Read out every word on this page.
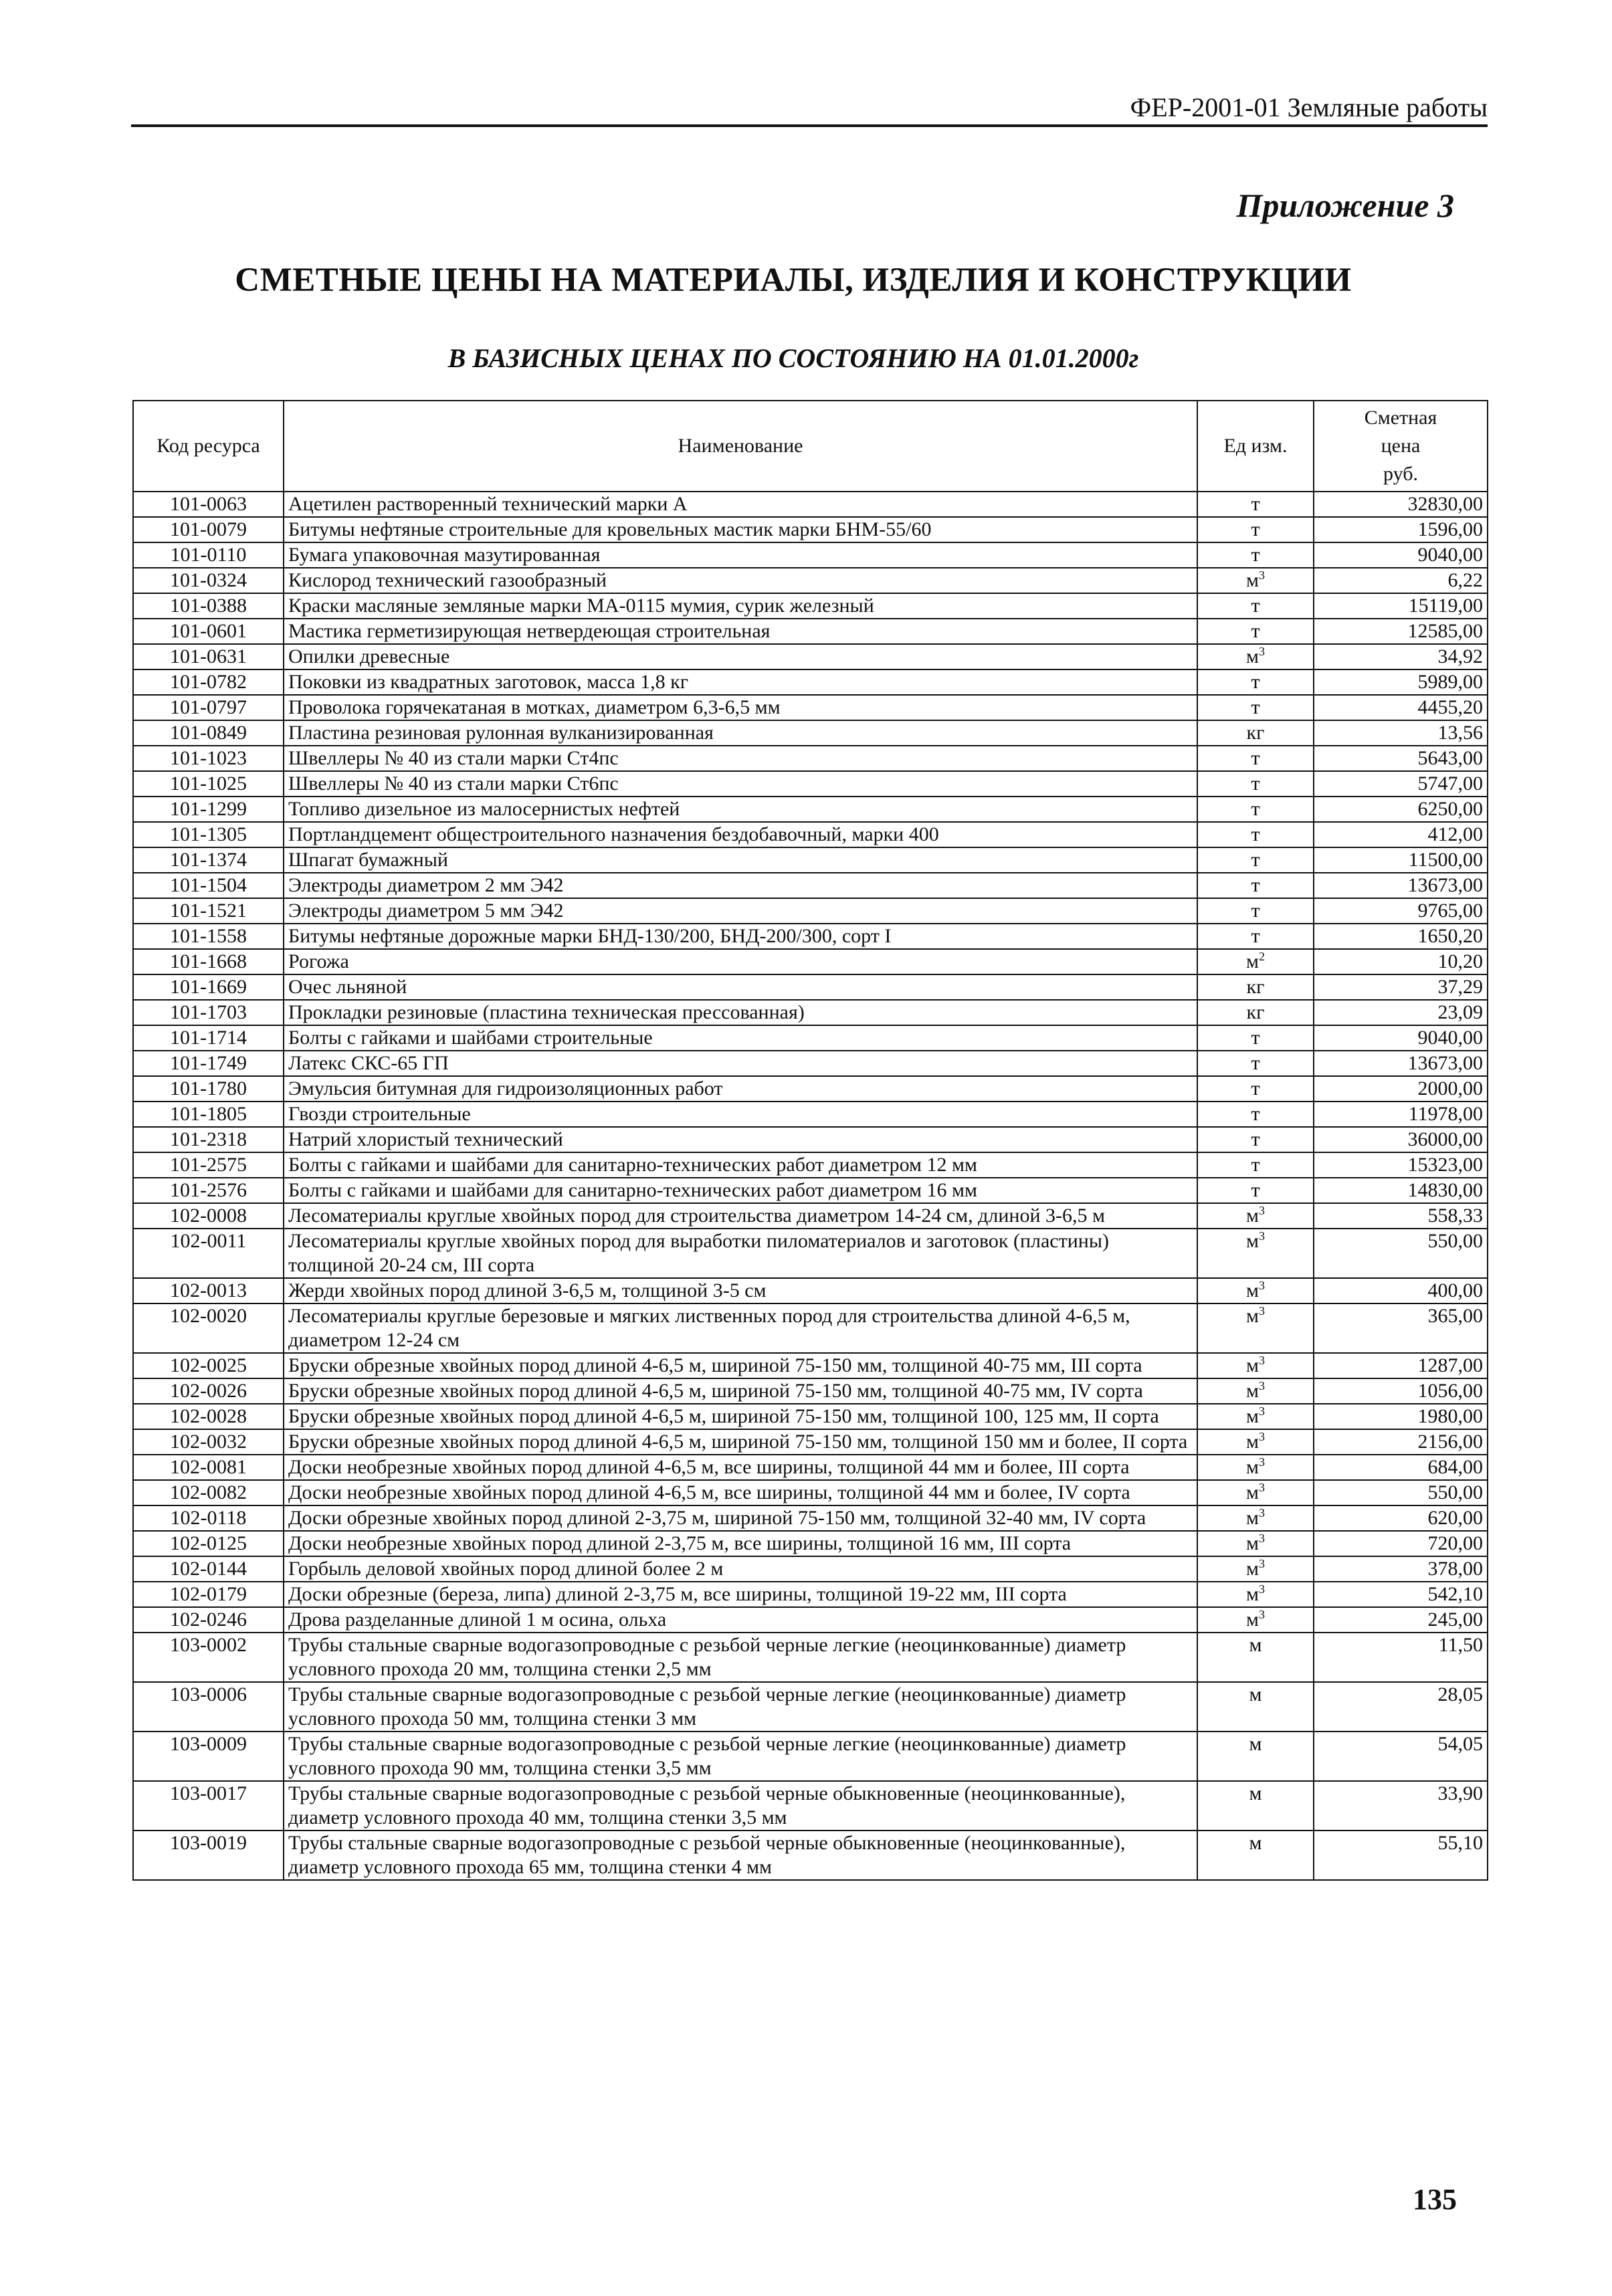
ФЕР-2001-01 Земляные работы
Приложение 3
СМЕТНЫЕ ЦЕНЫ НА МАТЕРИАЛЫ, ИЗДЕЛИЯ И КОНСТРУКЦИИ
В БАЗИСНЫХ ЦЕНАХ ПО СОСТОЯНИЮ НА 01.01.2000г
Код ресурса	Наименование	Ед изм.	Сметная
цена
руб.

101-0063	Ацетилен растворенный технический марки А	т	32830,00
101-0079	Битумы нефтяные строительные для кровельных мастик марки БНМ-55/60	т	1596,00
101-0110	Бумага упаковочная мазутированная	т	9040,00
101-0324	Кислород технический газообразный	$м^3$	6,22
101-0388	Краски масляные земляные марки МА-0115 мумия, сурик железный	т	15119,00
101-0601	Мастика герметизирующая нетвердеющая строительная	т	12585,00
101-0631	Опилки древесные	$м^3$	34,92
101-0782	Поковки из квадратных заготовок, масса 1,8 кг	т	5989,00
101-0797	Проволока горячекатаная в мотках, диаметром 6,3-6,5 мм	т	4455,20
101-0849	Пластина резиновая рулонная вулканизированная	кг	13,56
101-1023	Швеллеры № 40 из стали марки Ст4пс	т	5643,00
101-1025	Швеллеры № 40 из стали марки Ст6пс	т	5747,00
101-1299	Топливо дизельное из малосернистых нефтей	т	6250,00
101-1305	Портландцемент общестроительного назначения бездобавочный, марки 400	т	412,00
101-1374	Шпагат бумажный	т	11500,00
101-1504	Электроды диаметром 2 мм Э42	т	13673,00
101-1521	Электроды диаметром 5 мм Э42	т	9765,00
101-1558	Битумы нефтяные дорожные марки БНД-130/200, БНД-200/300, сорт I	т	1650,20
101-1668	Рогожа	$м^2$	10,20
101-1669	Очес льняной	кг	37,29
101-1703	Прокладки резиновые (пластина техническая прессованная)	кг	23,09
101-1714	Болты с гайками и шайбами строительные	т	9040,00
101-1749	Латекс СКС-65 ГП	т	13673,00
101-1780	Эмульсия битумная для гидроизоляционных работ	т	2000,00
101-1805	Гвозди строительные	т	11978,00
101-2318	Натрий хлористый технический	т	36000,00
101-2575	Болты с гайками и шайбами для санитарно-технических работ диаметром 12 мм	т	15323,00
101-2576	Болты с гайками и шайбами для санитарно-технических работ диаметром 16 мм	т	14830,00
102-0008	Лесоматериалы круглые хвойных пород для строительства диаметром 14-24 см, длиной 3-6,5 м	$м^3$	558,33
102-0011	Лесоматериалы круглые хвойных пород для выработки пиломатериалов и заготовок (пластины) толщиной 20-24 см, III сорта	$м^3$	550,00
102-0013	Жерди хвойных пород длиной 3-6,5 м, толщиной 3-5 см	$м^3$	400,00
102-0020	Лесоматериалы круглые березовые и мягких лиственных пород для строительства длиной 4-6,5 м, диаметром 12-24 см	$м^3$	365,00
102-0025	Бруски обрезные хвойных пород длиной 4-6,5 м, шириной 75-150 мм, толщиной 40-75 мм, III сорта	$м^3$	1287,00
102-0026	Бруски обрезные хвойных пород длиной 4-6,5 м, шириной 75-150 мм, толщиной 40-75 мм, IV сорта	$м^3$	1056,00
102-0028	Бруски обрезные хвойных пород длиной 4-6,5 м, шириной 75-150 мм, толщиной 100, 125 мм, II сорта	$м^3$	1980,00
102-0032	Бруски обрезные хвойных пород длиной 4-6,5 м, шириной 75-150 мм, толщиной 150 мм и более, II сорта	$м^3$	2156,00
102-0081	Доски необрезные хвойных пород длиной 4-6,5 м, все ширины, толщиной 44 мм и более, III сорта	$м^3$	684,00
102-0082	Доски необрезные хвойных пород длиной 4-6,5 м, все ширины, толщиной 44 мм и более, IV сорта	$м^3$	550,00
102-0118	Доски обрезные хвойных пород длиной 2-3,75 м, шириной 75-150 мм, толщиной 32-40 мм, IV сорта	$м^3$	620,00
102-0125	Доски необрезные хвойных пород длиной 2-3,75 м, все ширины, толщиной 16 мм, III сорта	$м^3$	720,00
102-0144	Горбыль деловой хвойных пород длиной более 2 м	$м^3$	378,00
102-0179	Доски обрезные (береза, липа) длиной 2-3,75 м, все ширины, толщиной 19-22 мм, III сорта	$м^3$	542,10
102-0246	Дрова разделанные длиной 1 м осина, ольха	$м^3$	245,00
103-0002	Трубы стальные сварные водогазопроводные с резьбой черные легкие (неоцинкованные) диаметр условного прохода 20 мм, толщина стенки 2,5 мм	м	11,50
103-0006	Трубы стальные сварные водогазопроводные с резьбой черные легкие (неоцинкованные) диаметр условного прохода 50 мм, толщина стенки 3 мм	м	28,05
103-0009	Трубы стальные сварные водогазопроводные с резьбой черные легкие (неоцинкованные) диаметр условного прохода 90 мм, толщина стенки 3,5 мм	м	54,05
103-0017	Трубы стальные сварные водогазопроводные с резьбой черные обыкновенные (неоцинкованные), диаметр условного прохода 40 мм, толщина стенки 3,5 мм	м	33,90
103-0019	Трубы стальные сварные водогазопроводные с резьбой черные обыкновенные (неоцинкованные), диаметр условного прохода 65 мм, толщина стенки 4 мм	м	55,10
135
